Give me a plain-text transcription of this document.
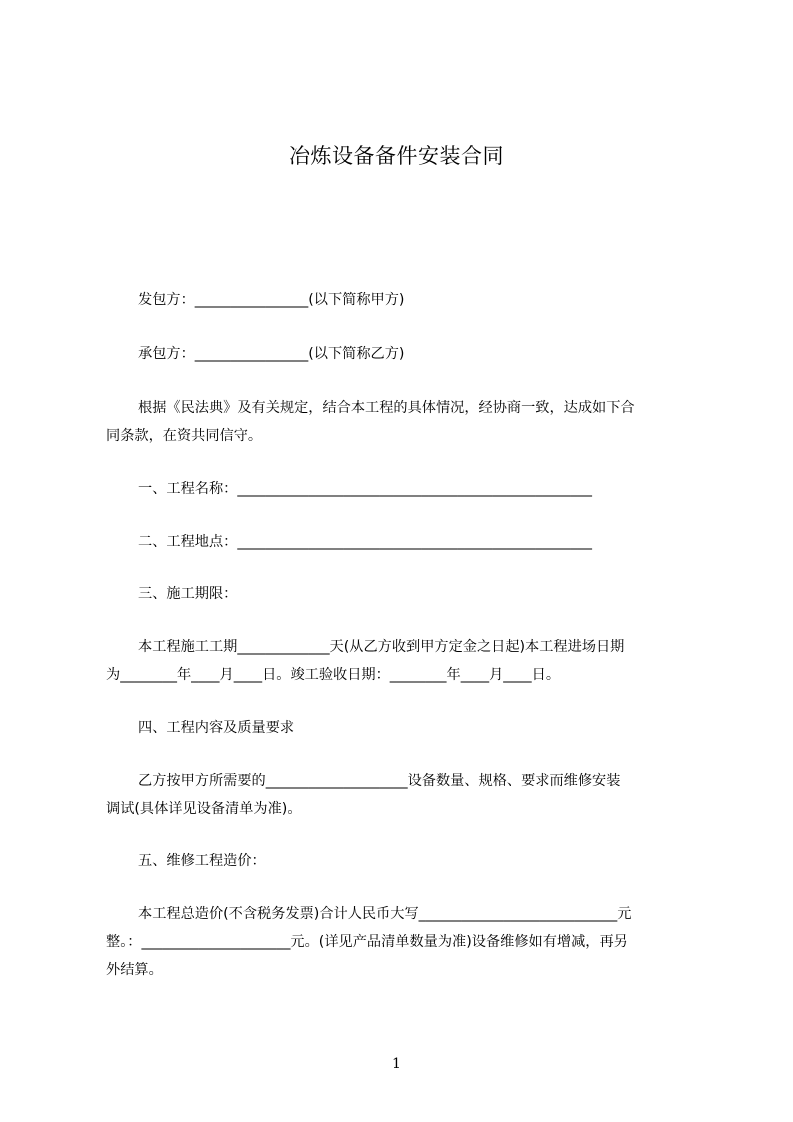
冶炼设备备件安装合同

发包方：________________(以下简称甲方)

承包方：________________(以下简称乙方)

根据《民法典》及有关规定，结合本工程的具体情况，经协商一致，达成如下合

同条款，在资共同信守。

一、工程名称：__________________________________________________

二、工程地点：__________________________________________________

三、施工期限：

本工程施工工期_____________天(从乙方收到甲方定金之日起)本工程进场日期

为________年____月____日。竣工验收日期：________年____月____日。

四、工程内容及质量要求

乙方按甲方所需要的____________________设备数量、规格、要求而维修安装

调试(具体详见设备清单为准)。

五、维修工程造价：

本工程总造价(不含税务发票)合计人民币大写____________________________元

整。：_____________________元。(详见产品清单数量为准)设备维修如有增减，再另

外结算。

1
